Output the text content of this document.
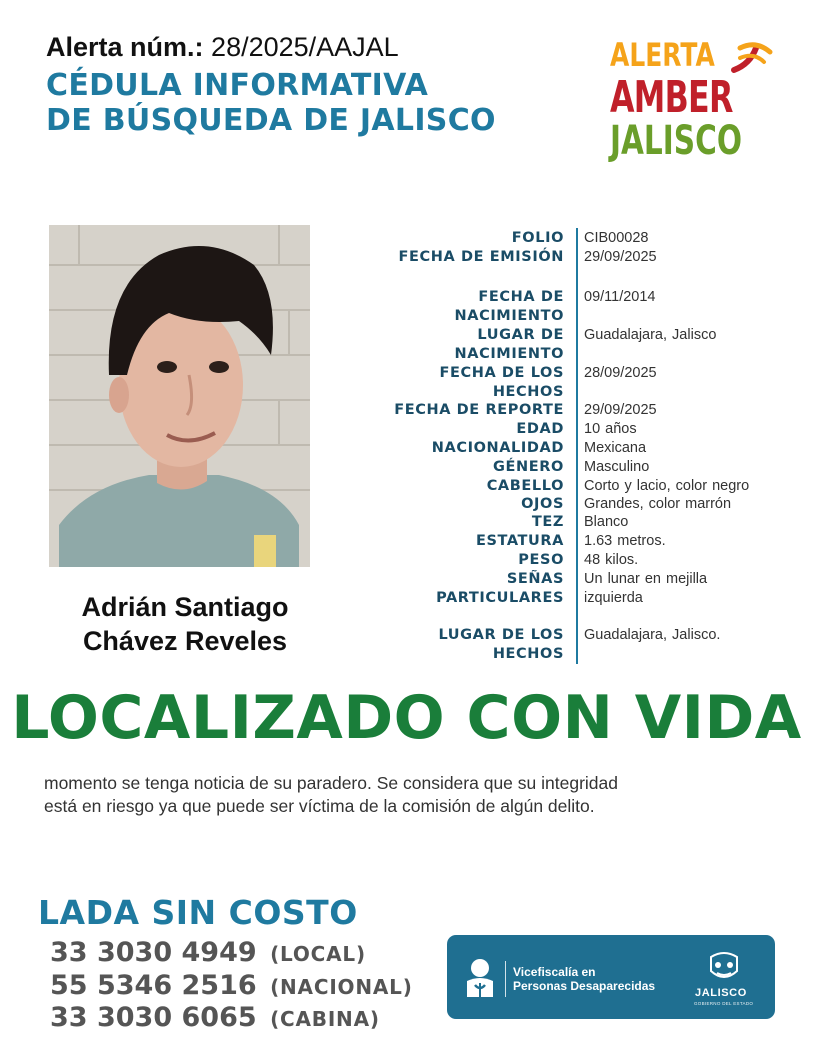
Alerta núm.: 28/2025/AAJAL
CÉDULA INFORMATIVA
DE BÚSQUEDA DE JALISCO
ALERTA
AMBER
JALISCO
Adrián Santiago
Chávez Reveles
FOLIO CIB00028
FECHA DE EMISIÓN 29/09/2025
FECHA DE
NACIMIENTO
09/11/2014
LUGAR DE
NACIMIENTO
Guadalajara, Jalisco
FECHA DE LOS
HECHOS
28/09/2025
FECHA DE REPORTE 29/09/2025
EDAD 10 años
NACIONALIDAD Mexicana
GÉNERO Masculino
CABELLO Corto y lacio, color negro
OJOS Grandes, color marrón
TEZ Blanco
ESTATURA 1.63 metros.
PESO 48 kilos.
SEÑAS
PARTICULARES
Un lunar en mejilla
izquierda
LUGAR DE LOS
HECHOS
Guadalajara, Jalisco.
LOCALIZADO CON VIDA
momento se tenga noticia de su paradero. Se considera que su integridad
está en riesgo ya que puede ser víctima de la comisión de algún delito.
LADA SIN COSTO
33 3030 4949 (LOCAL)
55 5346 2516 (NACIONAL)
33 3030 6065 (CABINA)
Vicefiscalía en
Personas Desaparecidas	JALISCO
GOBIERNO DEL ESTADO
